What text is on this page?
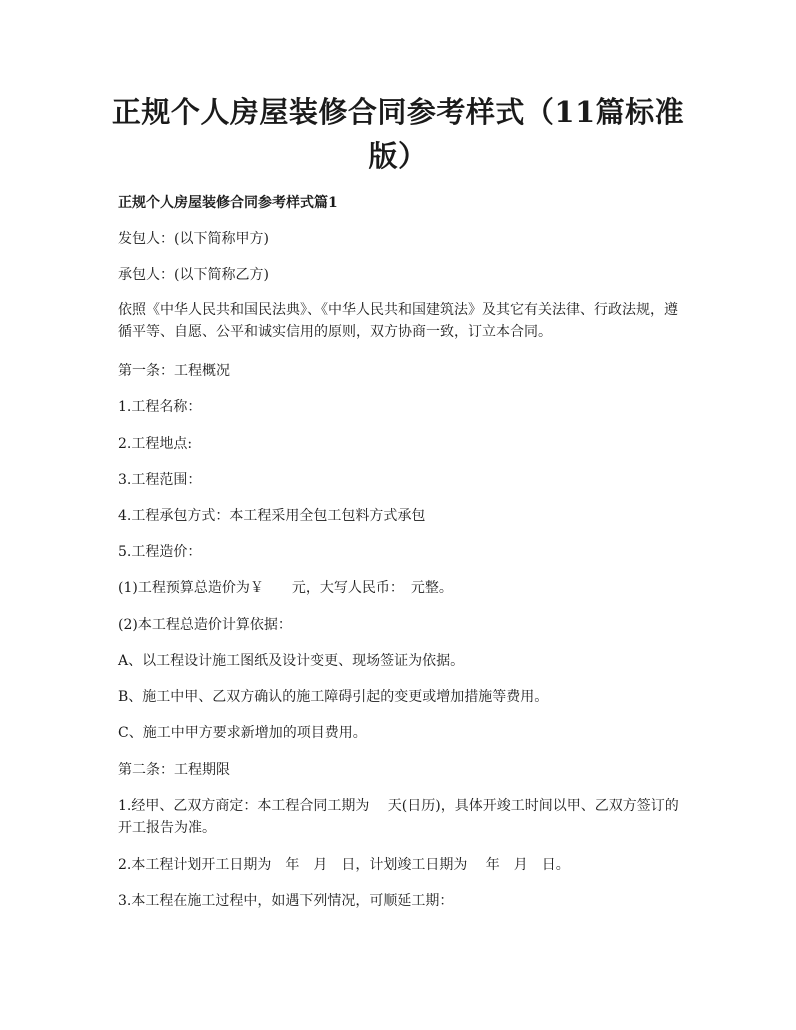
正规个人房屋装修合同参考样式（11篇标准版）

正规个人房屋装修合同参考样式篇1

发包人：(以下简称甲方)

承包人：(以下简称乙方)

依照《中华人民共和国民法典》、《中华人民共和国建筑法》及其它有关法律、行政法规，遵循平等、自愿、公平和诚实信用的原则，双方协商一致，订立本合同。

第一条：工程概况

1.工程名称：

2.工程地点:

3.工程范围：

4.工程承包方式：本工程采用全包工包料方式承包

5.工程造价：

(1)工程预算总造价为￥　　元，大写人民币：　元整。

(2)本工程总造价计算依据：

A、以工程设计施工图纸及设计变更、现场签证为依据。

B、施工中甲、乙双方确认的施工障碍引起的变更或增加措施等费用。

C、施工中甲方要求新增加的项目费用。

第二条：工程期限

1.经甲、乙双方商定：本工程合同工期为　 天(日历)，具体开竣工时间以甲、乙双方签订的开工报告为准。

2.本工程计划开工日期为　年　月　日，计划竣工日期为　 年　月　日。

3.本工程在施工过程中，如遇下列情况，可顺延工期：
